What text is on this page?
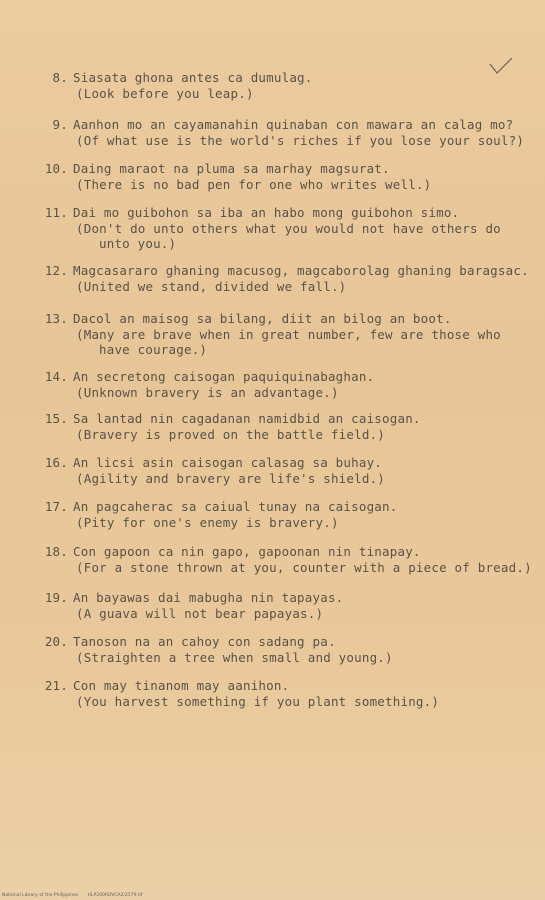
8. Siasata ghona antes ca dumulag.
(Look before you leap.)
9. Aanhon mo an cayamanahin quinaban con mawara an calag mo?
(Of what use is the world's riches if you lose your soul?)
10. Daing maraot na pluma sa marhay magsurat.
(There is no bad pen for one who writes well.)
11. Dai mo guibohon sa iba an habo mong guibohon simo.
(Don't do unto others what you would not have others do
unto you.)
12. Magcasararo ghaning macusog, magcaborolag ghaning baragsac.
(United we stand, divided we fall.)
13. Dacol an maisog sa bilang, diit an bilog an boot.
(Many are brave when in great number, few are those who
have courage.)
14. An secretong caisogan paquiquinabaghan.
(Unknown bravery is an advantage.)
15. Sa lantad nin cagadanan namidbid an caisogan.
(Bravery is proved on the battle field.)
16. An licsi asin caisogan calasag sa buhay.
(Agility and bravery are life's shield.)
17. An pagcaherac sa caiual tunay na caisogan.
(Pity for one's enemy is bravery.)
18. Con gapoon ca nin gapo, gapoonan nin tinapay.
(For a stone thrown at you, counter with a piece of bread.)
19. An bayawas dai mabugha nin tapayas.
(A guava will not bear papayas.)
20. Tanoson na an cahoy con sadang pa.
(Straighten a tree when small and young.)
21. Con may tinanom may aanihon.
(You harvest something if you plant something.)
National Library of the Philippines HLP200RDVCA2/2579.tif
